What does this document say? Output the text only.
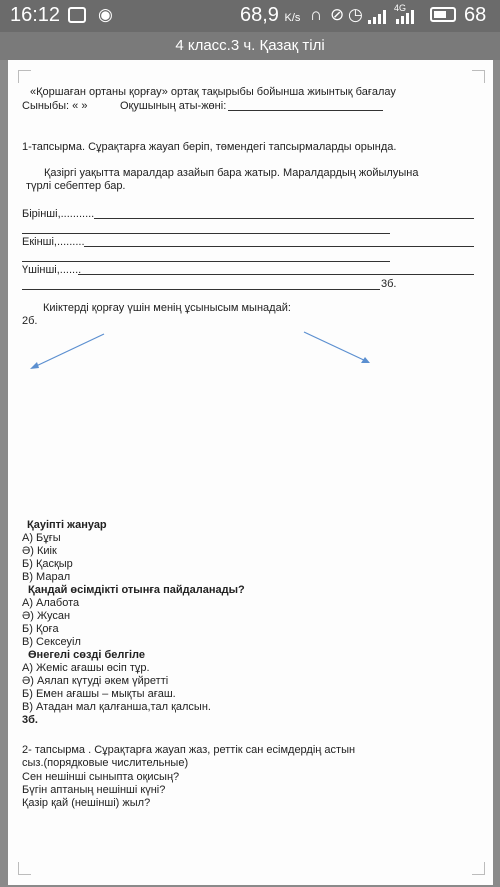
16:12 ◉	68,9 K/s ∩ ⊘ ◷	4G	68
4 класс.3 ч. Қазақ тілі
«Қоршаған ортаны қорғау» ортақ тақырыбы бойынша жиынтық бағалау
Сыныбы: « »	Оқушының аты-жөні:
1-тапсырма. Сұрақтарға жауап беріп, төмендегі тапсырмаларды орында.
Қазіргі уақытта маралдар азайып бара жатыр. Маралдардың жойылуына
түрлі себептер бар.
Бірінші,...........
Екінші,.........
Үшінші,.......
3б.
Киіктерді қорғау үшін менің ұсынысым мынадай:
2б.
Қауіпті жануар
А) Бұғы
Ә) Киік
Б) Қасқыр
В) Марал
Қандай өсімдікті отынға пайдаланады?
А) Алабота
Ә) Жусан
Б) Қоға
В) Сексеуіл
Өнегелі сөзді белгіле
А) Жеміс ағашы өсіп тұр.
Ә) Аялап күтуді әкем үйретті
Б) Емен ағашы – мықты ағаш.
В) Атадан мал қалғанша,тал қалсын.
3б.
2- тапсырма . Сұрақтарға жауап жаз, реттік сан есімдердің астын
сыз.(порядковые числительные)
Сен нешінші сыныпта оқисың?
Бүгін аптаның нешінші күні?
Қазір қай (нешінші) жыл?
